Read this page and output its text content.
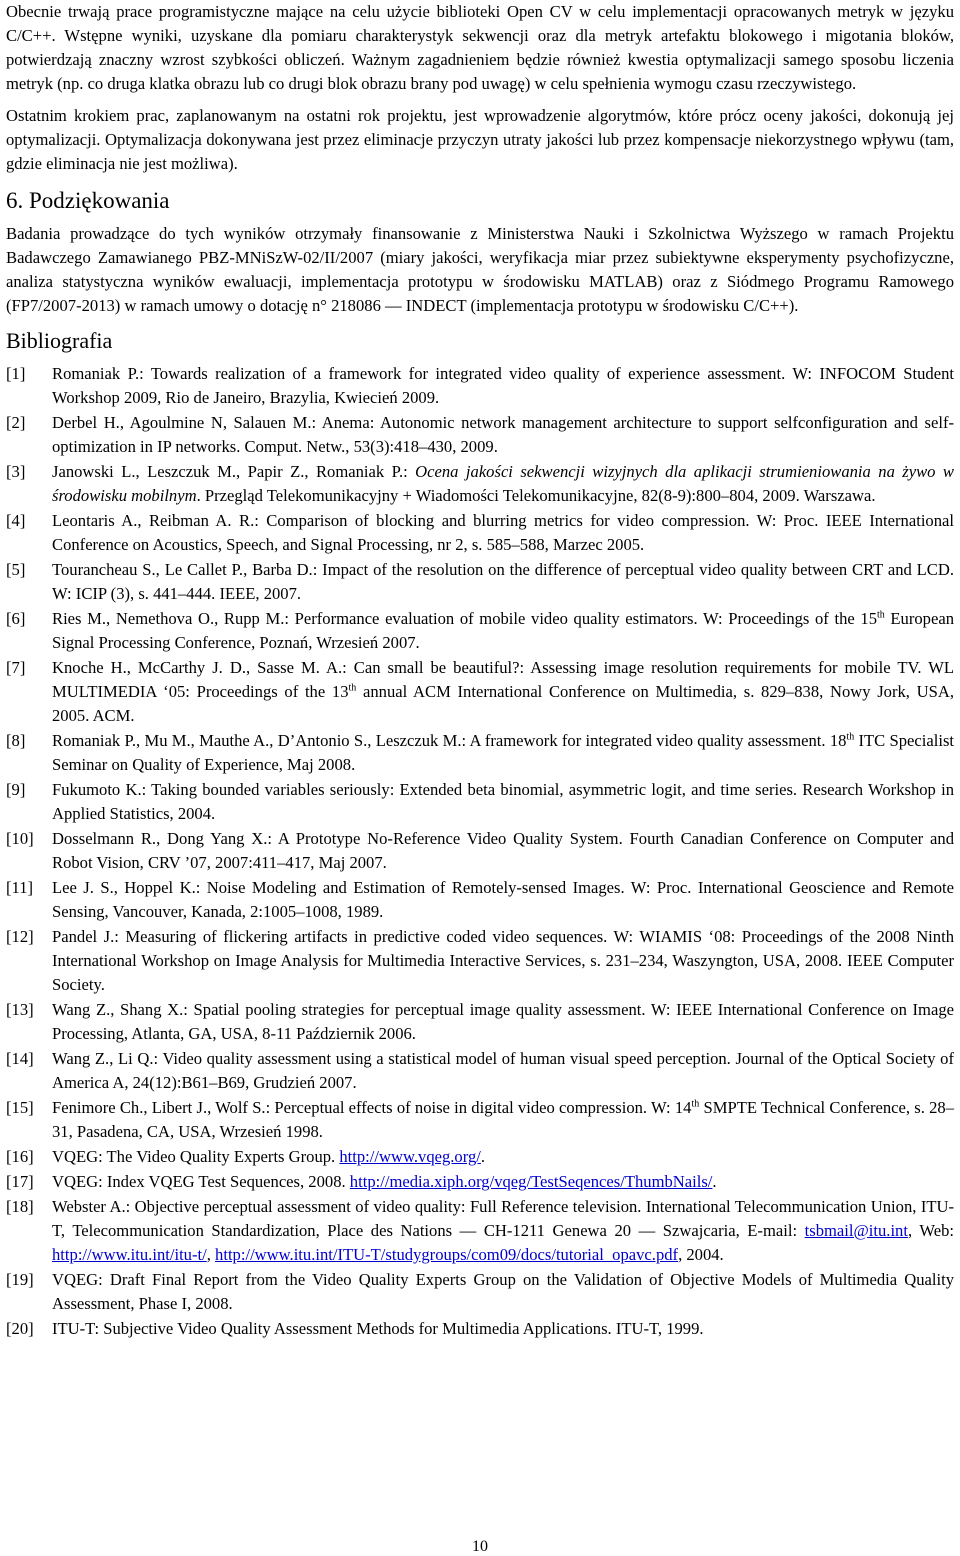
Obecnie trwają prace programistyczne mające na celu użycie biblioteki Open CV w celu implementacji opracowanych metryk w języku C/C++. Wstępne wyniki, uzyskane dla pomiaru charakterystyk sekwencji oraz dla metryk artefaktu blokowego i migotania bloków, potwierdzają znaczny wzrost szybkości obliczeń. Ważnym zagadnieniem będzie również kwestia optymalizacji samego sposobu liczenia metryk (np. co druga klatka obrazu lub co drugi blok obrazu brany pod uwagę) w celu spełnienia wymogu czasu rzeczywistego.

Ostatnim krokiem prac, zaplanowanym na ostatni rok projektu, jest wprowadzenie algorytmów, które prócz oceny jakości, dokonują jej optymalizacji. Optymalizacja dokonywana jest przez eliminacje przyczyn utraty jakości lub przez kompensacje niekorzystnego wpływu (tam, gdzie eliminacja nie jest możliwa).

6. Podziękowania

Badania prowadzące do tych wyników otrzymały finansowanie z Ministerstwa Nauki i Szkolnictwa Wyższego w ramach Projektu Badawczego Zamawianego PBZ-MNiSzW-02/II/2007 (miary jakości, weryfikacja miar przez subiektywne eksperymenty psychofizyczne, analiza statystyczna wyników ewaluacji, implementacja prototypu w środowisku MATLAB) oraz z Siódmego Programu Ramowego (FP7/2007-2013) w ramach umowy o dotację n° 218086 — INDECT (implementacja prototypu w środowisku C/C++).

Bibliografia
[1] Romaniak P.: Towards realization of a framework for integrated video quality of experience assessment. W: INFOCOM Student Workshop 2009, Rio de Janeiro, Brazylia, Kwiecień 2009.
[2] Derbel H., Agoulmine N, Salauen M.: Anema: Autonomic network management architecture to support selfconfiguration and self-optimization in IP networks. Comput. Netw., 53(3):418–430, 2009.
[3] Janowski L., Leszczuk M., Papir Z., Romaniak P.: Ocena jakości sekwencji wizyjnych dla aplikacji strumieniowania na żywo w środowisku mobilnym. Przegląd Telekomunikacyjny + Wiadomości Telekomunikacyjne, 82(8-9):800–804, 2009. Warszawa.
[4] Leontaris A., Reibman A. R.: Comparison of blocking and blurring metrics for video compression. W: Proc. IEEE International Conference on Acoustics, Speech, and Signal Processing, nr 2, s. 585–588, Marzec 2005.
[5] Tourancheau S., Le Callet P., Barba D.: Impact of the resolution on the difference of perceptual video quality between CRT and LCD. W: ICIP (3), s. 441–444. IEEE, 2007.
[6] Ries M., Nemethova O., Rupp M.: Performance evaluation of mobile video quality estimators. W: Proceedings of the 15th European Signal Processing Conference, Poznań, Wrzesień 2007.
[7] Knoche H., McCarthy J. D., Sasse M. A.: Can small be beautiful?: Assessing image resolution requirements for mobile TV. WL MULTIMEDIA ‘05: Proceedings of the 13th annual ACM International Conference on Multimedia, s. 829–838, Nowy Jork, USA, 2005. ACM.
[8] Romaniak P., Mu M., Mauthe A., D’Antonio S., Leszczuk M.: A framework for integrated video quality assessment. 18th ITC Specialist Seminar on Quality of Experience, Maj 2008.
[9] Fukumoto K.: Taking bounded variables seriously: Extended beta binomial, asymmetric logit, and time series. Research Workshop in Applied Statistics, 2004.
[10] Dosselmann R., Dong Yang X.: A Prototype No-Reference Video Quality System. Fourth Canadian Conference on Computer and Robot Vision, CRV ’07, 2007:411–417, Maj 2007.
[11] Lee J. S., Hoppel K.: Noise Modeling and Estimation of Remotely-sensed Images. W: Proc. International Geoscience and Remote Sensing, Vancouver, Kanada, 2:1005–1008, 1989.
[12] Pandel J.: Measuring of flickering artifacts in predictive coded video sequences. W: WIAMIS ‘08: Proceedings of the 2008 Ninth International Workshop on Image Analysis for Multimedia Interactive Services, s. 231–234, Waszyngton, USA, 2008. IEEE Computer Society.
[13] Wang Z., Shang X.: Spatial pooling strategies for perceptual image quality assessment. W: IEEE International Conference on Image Processing, Atlanta, GA, USA, 8-11 Październik 2006.
[14] Wang Z., Li Q.: Video quality assessment using a statistical model of human visual speed perception. Journal of the Optical Society of America A, 24(12):B61–B69, Grudzień 2007.
[15] Fenimore Ch., Libert J., Wolf S.: Perceptual effects of noise in digital video compression. W: 14th SMPTE Technical Conference, s. 28–31, Pasadena, CA, USA, Wrzesień 1998.
[16] VQEG: The Video Quality Experts Group. http://www.vqeg.org/.
[17] VQEG: Index VQEG Test Sequences, 2008. http://media.xiph.org/vqeg/TestSeqences/ThumbNails/.
[18] Webster A.: Objective perceptual assessment of video quality: Full Reference television. International Telecommunication Union, ITU-T, Telecommunication Standardization, Place des Nations — CH-1211 Genewa 20 — Szwajcaria, E-mail: tsbmail@itu.int, Web: http://www.itu.int/itu-t/, http://www.itu.int/ITU-T/studygroups/com09/docs/tutorial_opavc.pdf, 2004.
[19] VQEG: Draft Final Report from the Video Quality Experts Group on the Validation of Objective Models of Multimedia Quality Assessment, Phase I, 2008.
[20] ITU-T: Subjective Video Quality Assessment Methods for Multimedia Applications. ITU-T, 1999.
10
